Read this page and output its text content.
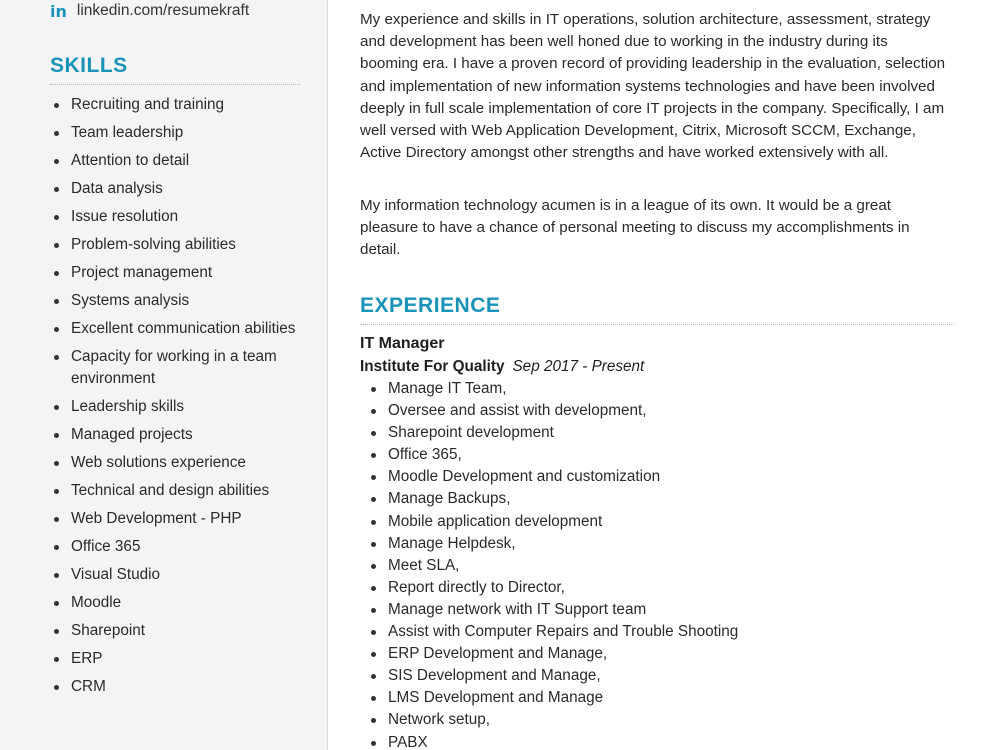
in linkedin.com/resumekraft
SKILLS
Recruiting and training
Team leadership
Attention to detail
Data analysis
Issue resolution
Problem-solving abilities
Project management
Systems analysis
Excellent communication abilities
Capacity for working in a team environment
Leadership skills
Managed projects
Web solutions experience
Technical and design abilities
Web Development - PHP
Office 365
Visual Studio
Moodle
Sharepoint
ERP
CRM

My experience and skills in IT operations, solution architecture, assessment, strategy and development has been well honed due to working in the industry during its booming era. I have a proven record of providing leadership in the evaluation, selection and implementation of new information systems technologies and have been involved deeply in full scale implementation of core IT projects in the company. Specifically, I am well versed with Web Application Development, Citrix, Microsoft SCCM, Exchange, Active Directory amongst other strengths and have worked extensively with all.

My information technology acumen is in a league of its own. It would be a great pleasure to have a chance of personal meeting to discuss my accomplishments in detail.

EXPERIENCE
IT Manager
Institute For Quality Sep 2017 - Present
Manage IT Team,
Oversee and assist with development,
Sharepoint development
Office 365,
Moodle Development and customization
Manage Backups,
Mobile application development
Manage Helpdesk,
Meet SLA,
Report directly to Director,
Manage network with IT Support team
Assist with Computer Repairs and Trouble Shooting
ERP Development and Manage,
SIS Development and Manage,
LMS Development and Manage
Network setup,
PABX
